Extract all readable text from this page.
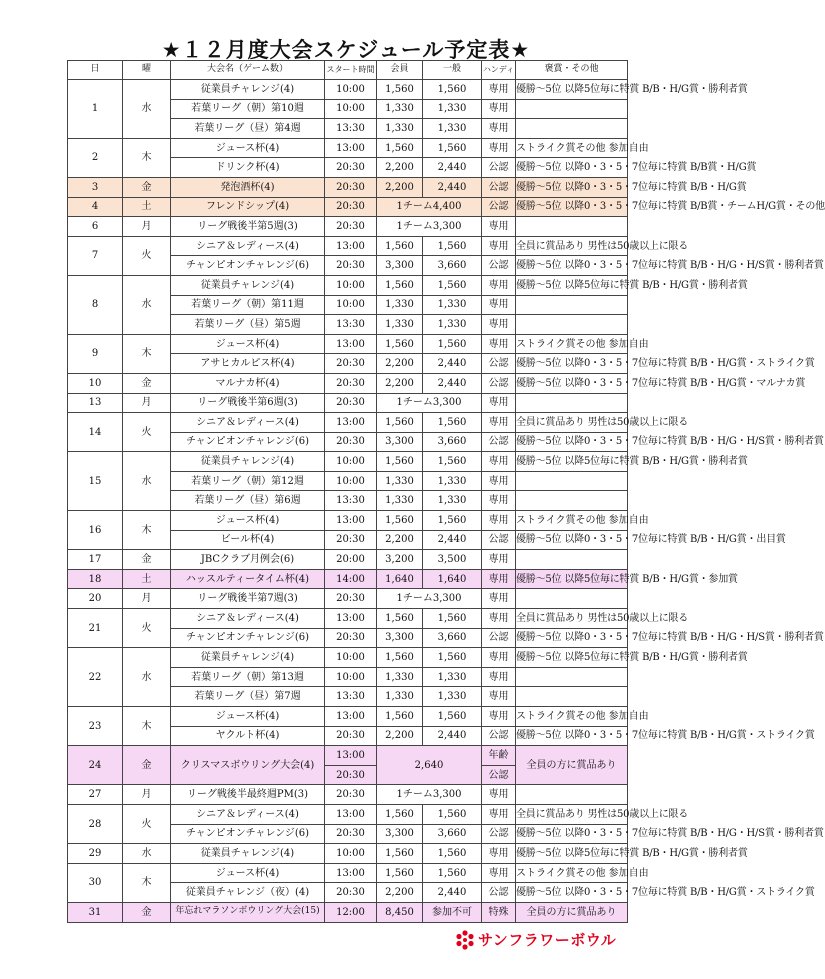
★１２月度大会スケジュール予定表★
日	曜	大会名（ゲーム数）	スタート時間	会員	一般	ハンディ	褒賞・その他
1	水	従業員チャレンジ(4)	10:00	1,560	1,560	専用	優勝～5位 以降5位毎に特賞 B/B・H/G賞・勝利者賞
		若葉リーグ（朝）第10週	10:00	1,330	1,330	専用	
		若葉リーグ（昼）第4週	13:30	1,330	1,330	専用	
2	木	ジュース杯(4)	13:00	1,560	1,560	専用	ストライク賞その他 参加自由
		ドリンク杯(4)	20:30	2,200	2,440	公認	優勝～5位 以降0・3・5・7位毎に特賞 B/B賞・H/G賞
3	金	発泡酒杯(4)	20:30	2,200	2,440	公認	優勝～5位 以降0・3・5・7位毎に特賞 B/B・H/G賞
4	土	フレンドシップ(4)	20:30	1チーム4,400		公認	優勝～5位 以降0・3・5・7位毎に特賞 B/B賞・チームH/G賞・その他
6	月	リーグ戦後半第5週(3)	20:30	1チーム3,300		専用	
7	火	シニア＆レディース(4)	13:00	1,560	1,560	専用	全員に賞品あり 男性は50歳以上に限る
		チャンピオンチャレンジ(6)	20:30	3,300	3,660	公認	優勝～5位 以降0・3・5・7位毎に特賞 B/B・H/G・H/S賞・勝利者賞
8	水	従業員チャレンジ(4)	10:00	1,560	1,560	専用	優勝～5位 以降5位毎に特賞 B/B・H/G賞・勝利者賞
		若葉リーグ（朝）第11週	10:00	1,330	1,330	専用	
		若葉リーグ（昼）第5週	13:30	1,330	1,330	専用	
9	木	ジュース杯(4)	13:00	1,560	1,560	専用	ストライク賞その他 参加自由
		アサヒカルピス杯(4)	20:30	2,200	2,440	公認	優勝～5位 以降0・3・5・7位毎に特賞 B/B・H/G賞・ストライク賞
10	金	マルナカ杯(4)	20:30	2,200	2,440	公認	優勝～5位 以降0・3・5・7位毎に特賞 B/B・H/G賞・マルナカ賞
13	月	リーグ戦後半第6週(3)	20:30	1チーム3,300		専用	
14	火	シニア＆レディース(4)	13:00	1,560	1,560	専用	全員に賞品あり 男性は50歳以上に限る
		チャンピオンチャレンジ(6)	20:30	3,300	3,660	公認	優勝～5位 以降0・3・5・7位毎に特賞 B/B・H/G・H/S賞・勝利者賞
15	水	従業員チャレンジ(4)	10:00	1,560	1,560	専用	優勝～5位 以降5位毎に特賞 B/B・H/G賞・勝利者賞
		若葉リーグ（朝）第12週	10:00	1,330	1,330	専用	
		若葉リーグ（昼）第6週	13:30	1,330	1,330	専用	
16	木	ジュース杯(4)	13:00	1,560	1,560	専用	ストライク賞その他 参加自由
		ビール杯(4)	20:30	2,200	2,440	公認	優勝～5位 以降0・3・5・7位毎に特賞 B/B・H/G賞・出目賞
17	金	JBCクラブ月例会(6)	20:00	3,200	3,500	専用	
18	土	ハッスルティータイム杯(4)	14:00	1,640	1,640	専用	優勝～5位 以降5位毎に特賞 B/B・H/G賞・参加賞
20	月	リーグ戦後半第7週(3)	20:30	1チーム3,300		専用	
21	火	シニア＆レディース(4)	13:00	1,560	1,560	専用	全員に賞品あり 男性は50歳以上に限る
		チャンピオンチャレンジ(6)	20:30	3,300	3,660	公認	優勝～5位 以降0・3・5・7位毎に特賞 B/B・H/G・H/S賞・勝利者賞
22	水	従業員チャレンジ(4)	10:00	1,560	1,560	専用	優勝～5位 以降5位毎に特賞 B/B・H/G賞・勝利者賞
		若葉リーグ（朝）第13週	10:00	1,330	1,330	専用	
		若葉リーグ（昼）第7週	13:30	1,330	1,330	専用	
23	木	ジュース杯(4)	13:00	1,560	1,560	専用	ストライク賞その他 参加自由
		ヤクルト杯(4)	20:30	2,200	2,440	公認	優勝～5位 以降0・3・5・7位毎に特賞 B/B・H/G賞・ストライク賞
24	金	クリスマスボウリング大会(4)	13:00	2,640		年齢	全員の方に賞品あり
			20:30			公認	
27	月	リーグ戦後半最終週PM(3)	20:30	1チーム3,300		専用	
28	火	シニア＆レディース(4)	13:00	1,560	1,560	専用	全員に賞品あり 男性は50歳以上に限る
		チャンピオンチャレンジ(6)	20:30	3,300	3,660	公認	優勝～5位 以降0・3・5・7位毎に特賞 B/B・H/G・H/S賞・勝利者賞
29	水	従業員チャレンジ(4)	10:00	1,560	1,560	専用	優勝～5位 以降5位毎に特賞 B/B・H/G賞・勝利者賞
30	木	ジュース杯(4)	13:00	1,560	1,560	専用	ストライク賞その他 参加自由
		従業員チャレンジ（夜）(4)	20:30	2,200	2,440	公認	優勝～5位 以降0・3・5・7位毎に特賞 B/B・H/G賞・ストライク賞
31	金	年忘れマラソンボウリング大会(15)	12:00	8,450	参加不可	特殊	全員の方に賞品あり
サンフラワーボウル
